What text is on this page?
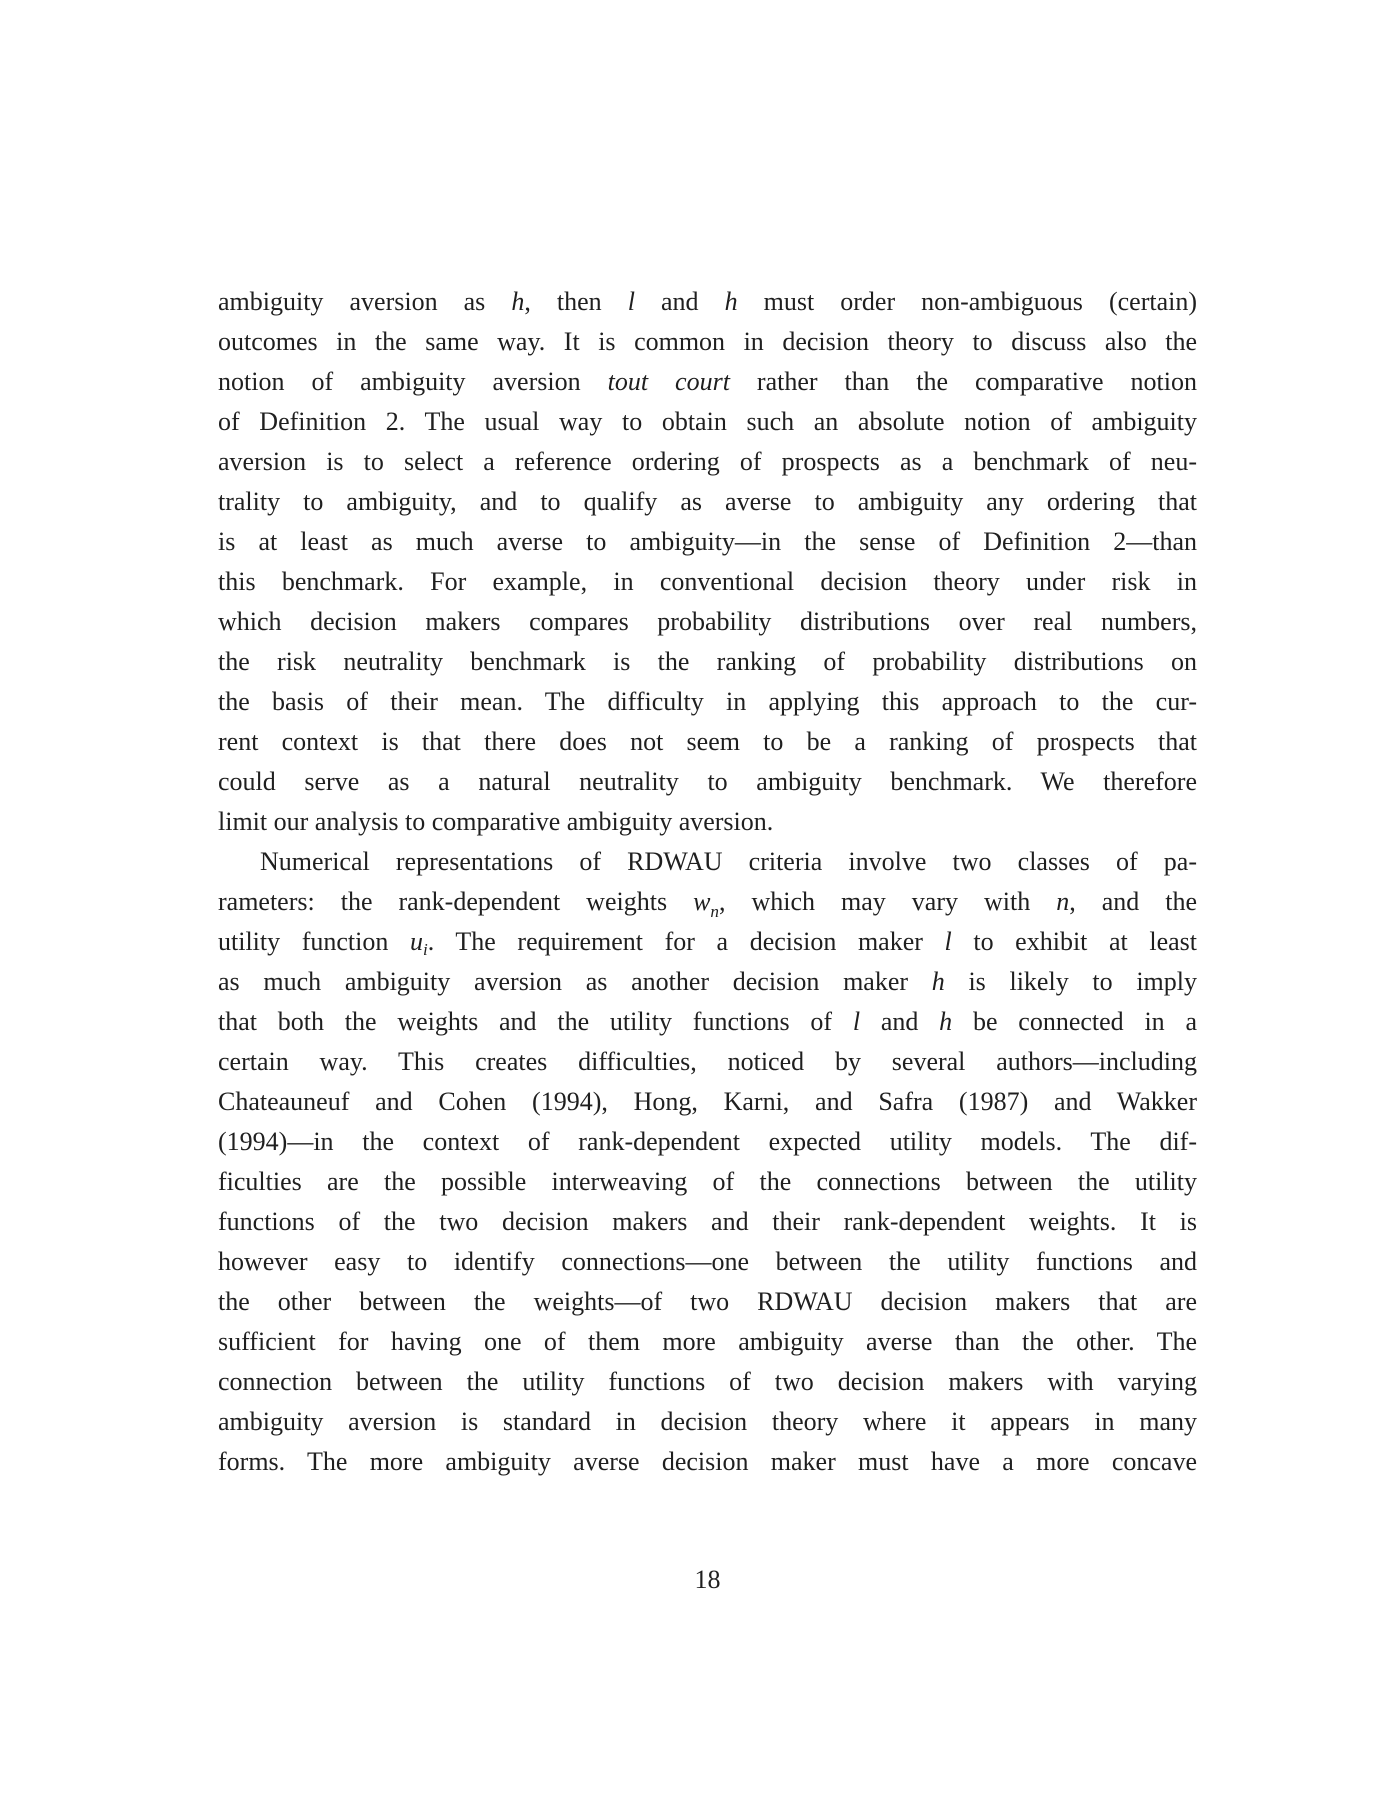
ambiguity aversion as h, then l and h must order non-ambiguous (certain)
outcomes in the same way. It is common in decision theory to discuss also the
notion of ambiguity aversion tout court rather than the comparative notion
of Definition 2. The usual way to obtain such an absolute notion of ambiguity
aversion is to select a reference ordering of prospects as a benchmark of neu-
trality to ambiguity, and to qualify as averse to ambiguity any ordering that
is at least as much averse to ambiguity—in the sense of Definition 2—than
this benchmark. For example, in conventional decision theory under risk in
which decision makers compares probability distributions over real numbers,
the risk neutrality benchmark is the ranking of probability distributions on
the basis of their mean. The difficulty in applying this approach to the cur-
rent context is that there does not seem to be a ranking of prospects that
could serve as a natural neutrality to ambiguity benchmark. We therefore
limit our analysis to comparative ambiguity aversion.
Numerical representations of RDWAU criteria involve two classes of pa-
rameters: the rank-dependent weights w n , which may vary with n, and the
utility function $u_i$. The requirement for a decision maker l to exhibit at least
as much ambiguity aversion as another decision maker h is likely to imply
that both the weights and the utility functions of l and h be connected in a
certain way. This creates difficulties, noticed by several authors—including
Chateauneuf and Cohen (1994), Hong, Karni, and Safra (1987) and Wakker
(1994)—in the context of rank-dependent expected utility models. The dif-
ficulties are the possible interweaving of the connections between the utility
functions of the two decision makers and their rank-dependent weights. It is
however easy to identify connections—one between the utility functions and
the other between the weights—of two RDWAU decision makers that are
sufficient for having one of them more ambiguity averse than the other. The
connection between the utility functions of two decision makers with varying
ambiguity aversion is standard in decision theory where it appears in many
forms. The more ambiguity averse decision maker must have a more concave
18
